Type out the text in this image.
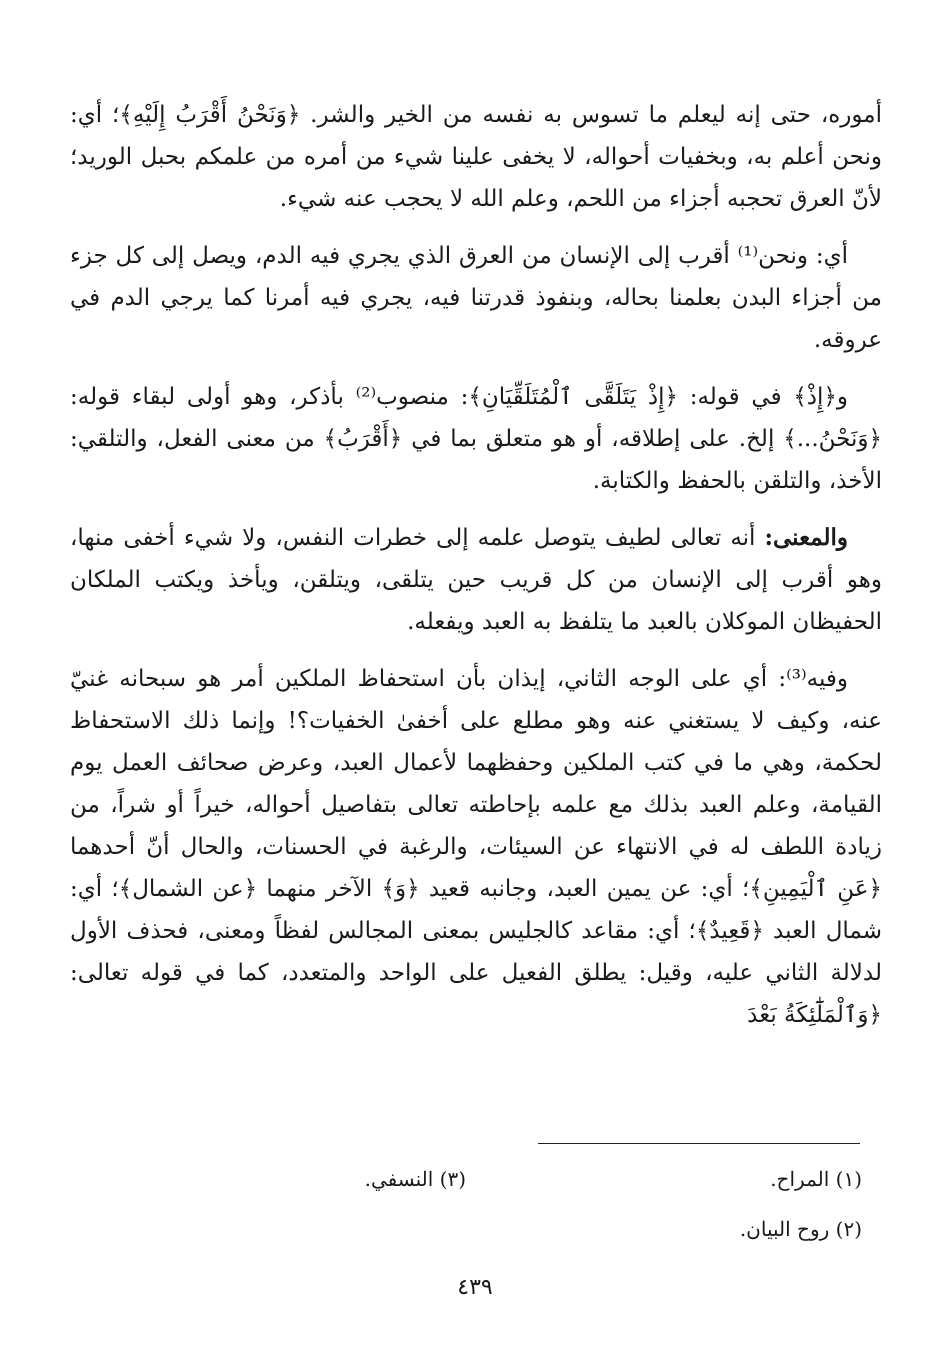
أموره، حتى إنه ليعلم ما تسوس به نفسه من الخير والشر. ﴿وَنَحْنُ أَقْرَبُ إِلَيْهِ﴾؛ أي: ونحن أعلم به، وبخفيات أحواله، لا يخفى علينا شيء من أمره من علمكم بحبل الوريد؛ لأنّ العرق تحجبه أجزاء من اللحم، وعلم الله لا يحجب عنه شيء.

أي: ونحن⁽¹⁾ أقرب إلى الإنسان من العرق الذي يجري فيه الدم، ويصل إلى كل جزء من أجزاء البدن بعلمنا بحاله، وبنفوذ قدرتنا فيه، يجري فيه أمرنا كما يرجي الدم في عروقه.

و﴿إِذْ﴾ في قوله: ﴿إِذْ يَتَلَقَّى ٱلْمُتَلَقِّيَانِ﴾: منصوب⁽²⁾ بأذكر، وهو أولى لبقاء قوله: ﴿وَنَحْنُ...﴾ إلخ. على إطلاقه، أو هو متعلق بما في ﴿أَقْرَبُ﴾ من معنى الفعل، والتلقي: الأخذ، والتلقن بالحفظ والكتابة.

والمعنى: أنه تعالى لطيف يتوصل علمه إلى خطرات النفس، ولا شيء أخفى منها، وهو أقرب إلى الإنسان من كل قريب حين يتلقى، ويتلقن، ويأخذ ويكتب الملكان الحفيظان الموكلان بالعبد ما يتلفظ به العبد ويفعله.

وفيه⁽³⁾: أي على الوجه الثاني، إيذان بأن استحفاظ الملكين أمر هو سبحانه غنيّ عنه، وكيف لا يستغني عنه وهو مطلع على أخفىٰ الخفيات؟! وإنما ذلك الاستحفاظ لحكمة، وهي ما في كتب الملكين وحفظهما لأعمال العبد، وعرض صحائف العمل يوم القيامة، وعلم العبد بذلك مع علمه بإحاطته تعالى بتفاصيل أحواله، خيراً أو شراً، من زيادة اللطف له في الانتهاء عن السيئات، والرغبة في الحسنات، والحال أنّ أحدهما ﴿عَنِ ٱلْيَمِينِ﴾؛ أي: عن يمين العبد، وجانبه قعيد ﴿وَ﴾ الآخر منهما ﴿عن الشمال﴾؛ أي: شمال العبد ﴿قَعِيدٌ﴾؛ أي: مقاعد كالجليس بمعنى المجالس لفظاً ومعنى، فحذف الأول لدلالة الثاني عليه، وقيل: يطلق الفعيل على الواحد والمتعدد، كما في قوله تعالى: ﴿وَٱلْمَلَٰٓئِكَةُ بَعْدَ

(١) المراح.
(٣) النسفي.
(٢) روح البيان.
٤٣٩
